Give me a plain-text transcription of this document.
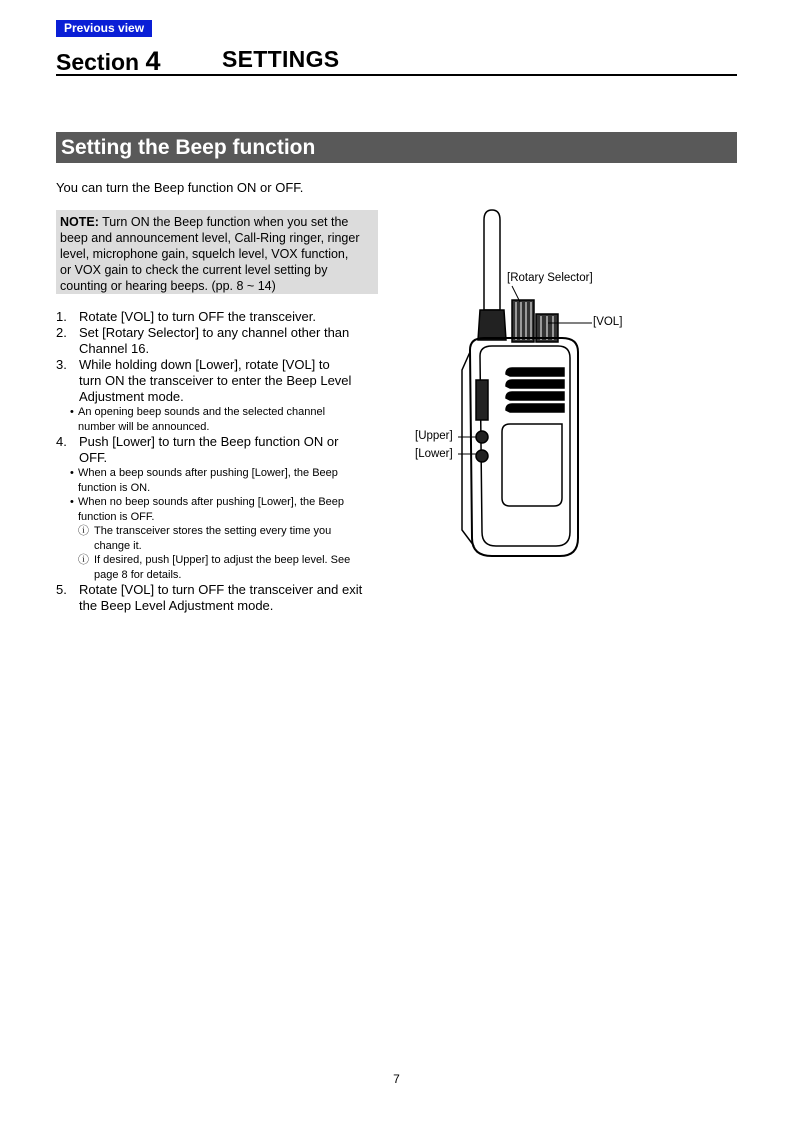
Previous view
Section 4	SETTINGS
Setting the Beep function
You can turn the Beep function ON or OFF.
NOTE: Turn ON the Beep function when you set the
beep and announcement level, Call-Ring ringer, ringer
level, microphone gain, squelch level, VOX function,
or VOX gain to check the current level setting by
counting or hearing beeps. (pp. 8 ~ 14)
1. Rotate [VOL] to turn OFF the transceiver.
2. Set [Rotary Selector] to any channel other than
Channel 16.
3. While holding down [Lower], rotate [VOL] to
turn ON the transceiver to enter the Beep Level
Adjustment mode.
• An opening beep sounds and the selected channel
number will be announced.
4. Push [Lower] to turn the Beep function ON or
OFF.
• When a beep sounds after pushing [Lower], the Beep
function is ON.
• When no beep sounds after pushing [Lower], the Beep
function is OFF.
ⓘ The transceiver stores the setting every time you
change it.
ⓘ If desired, push [Upper] to adjust the beep level. See
page 8 for details.
5. Rotate [VOL] to turn OFF the transceiver and exit
the Beep Level Adjustment mode.
[Rotary Selector]
[VOL]
[Upper]
[Lower]
7
